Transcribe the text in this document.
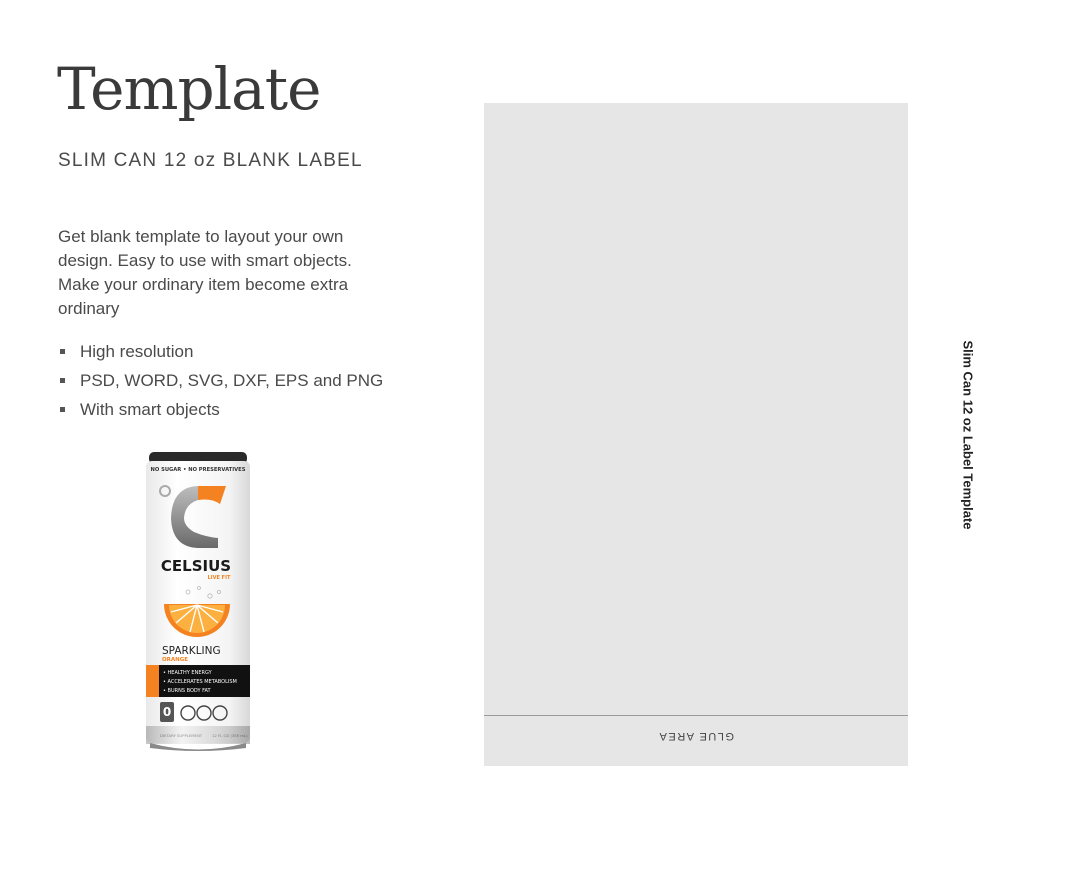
Template
SLIM CAN 12 oz BLANK LABEL
Get blank template to layout your own design. Easy to use with smart objects. Make your ordinary item become extra ordinary
High resolution
PSD, WORD, SVG, DXF, EPS and PNG
With smart objects
NO SUGAR • NO PRESERVATIVES
CELSIUS
LIVE FIT
SPARKLING
ORANGE
• HEALTHY ENERGY
• ACCELERATES METABOLISM
• BURNS BODY FAT
0
DIETARY SUPPLEMENT	12 FL OZ (355 mL)	GLUE AREA
Slim Can 12 oz Label Template
